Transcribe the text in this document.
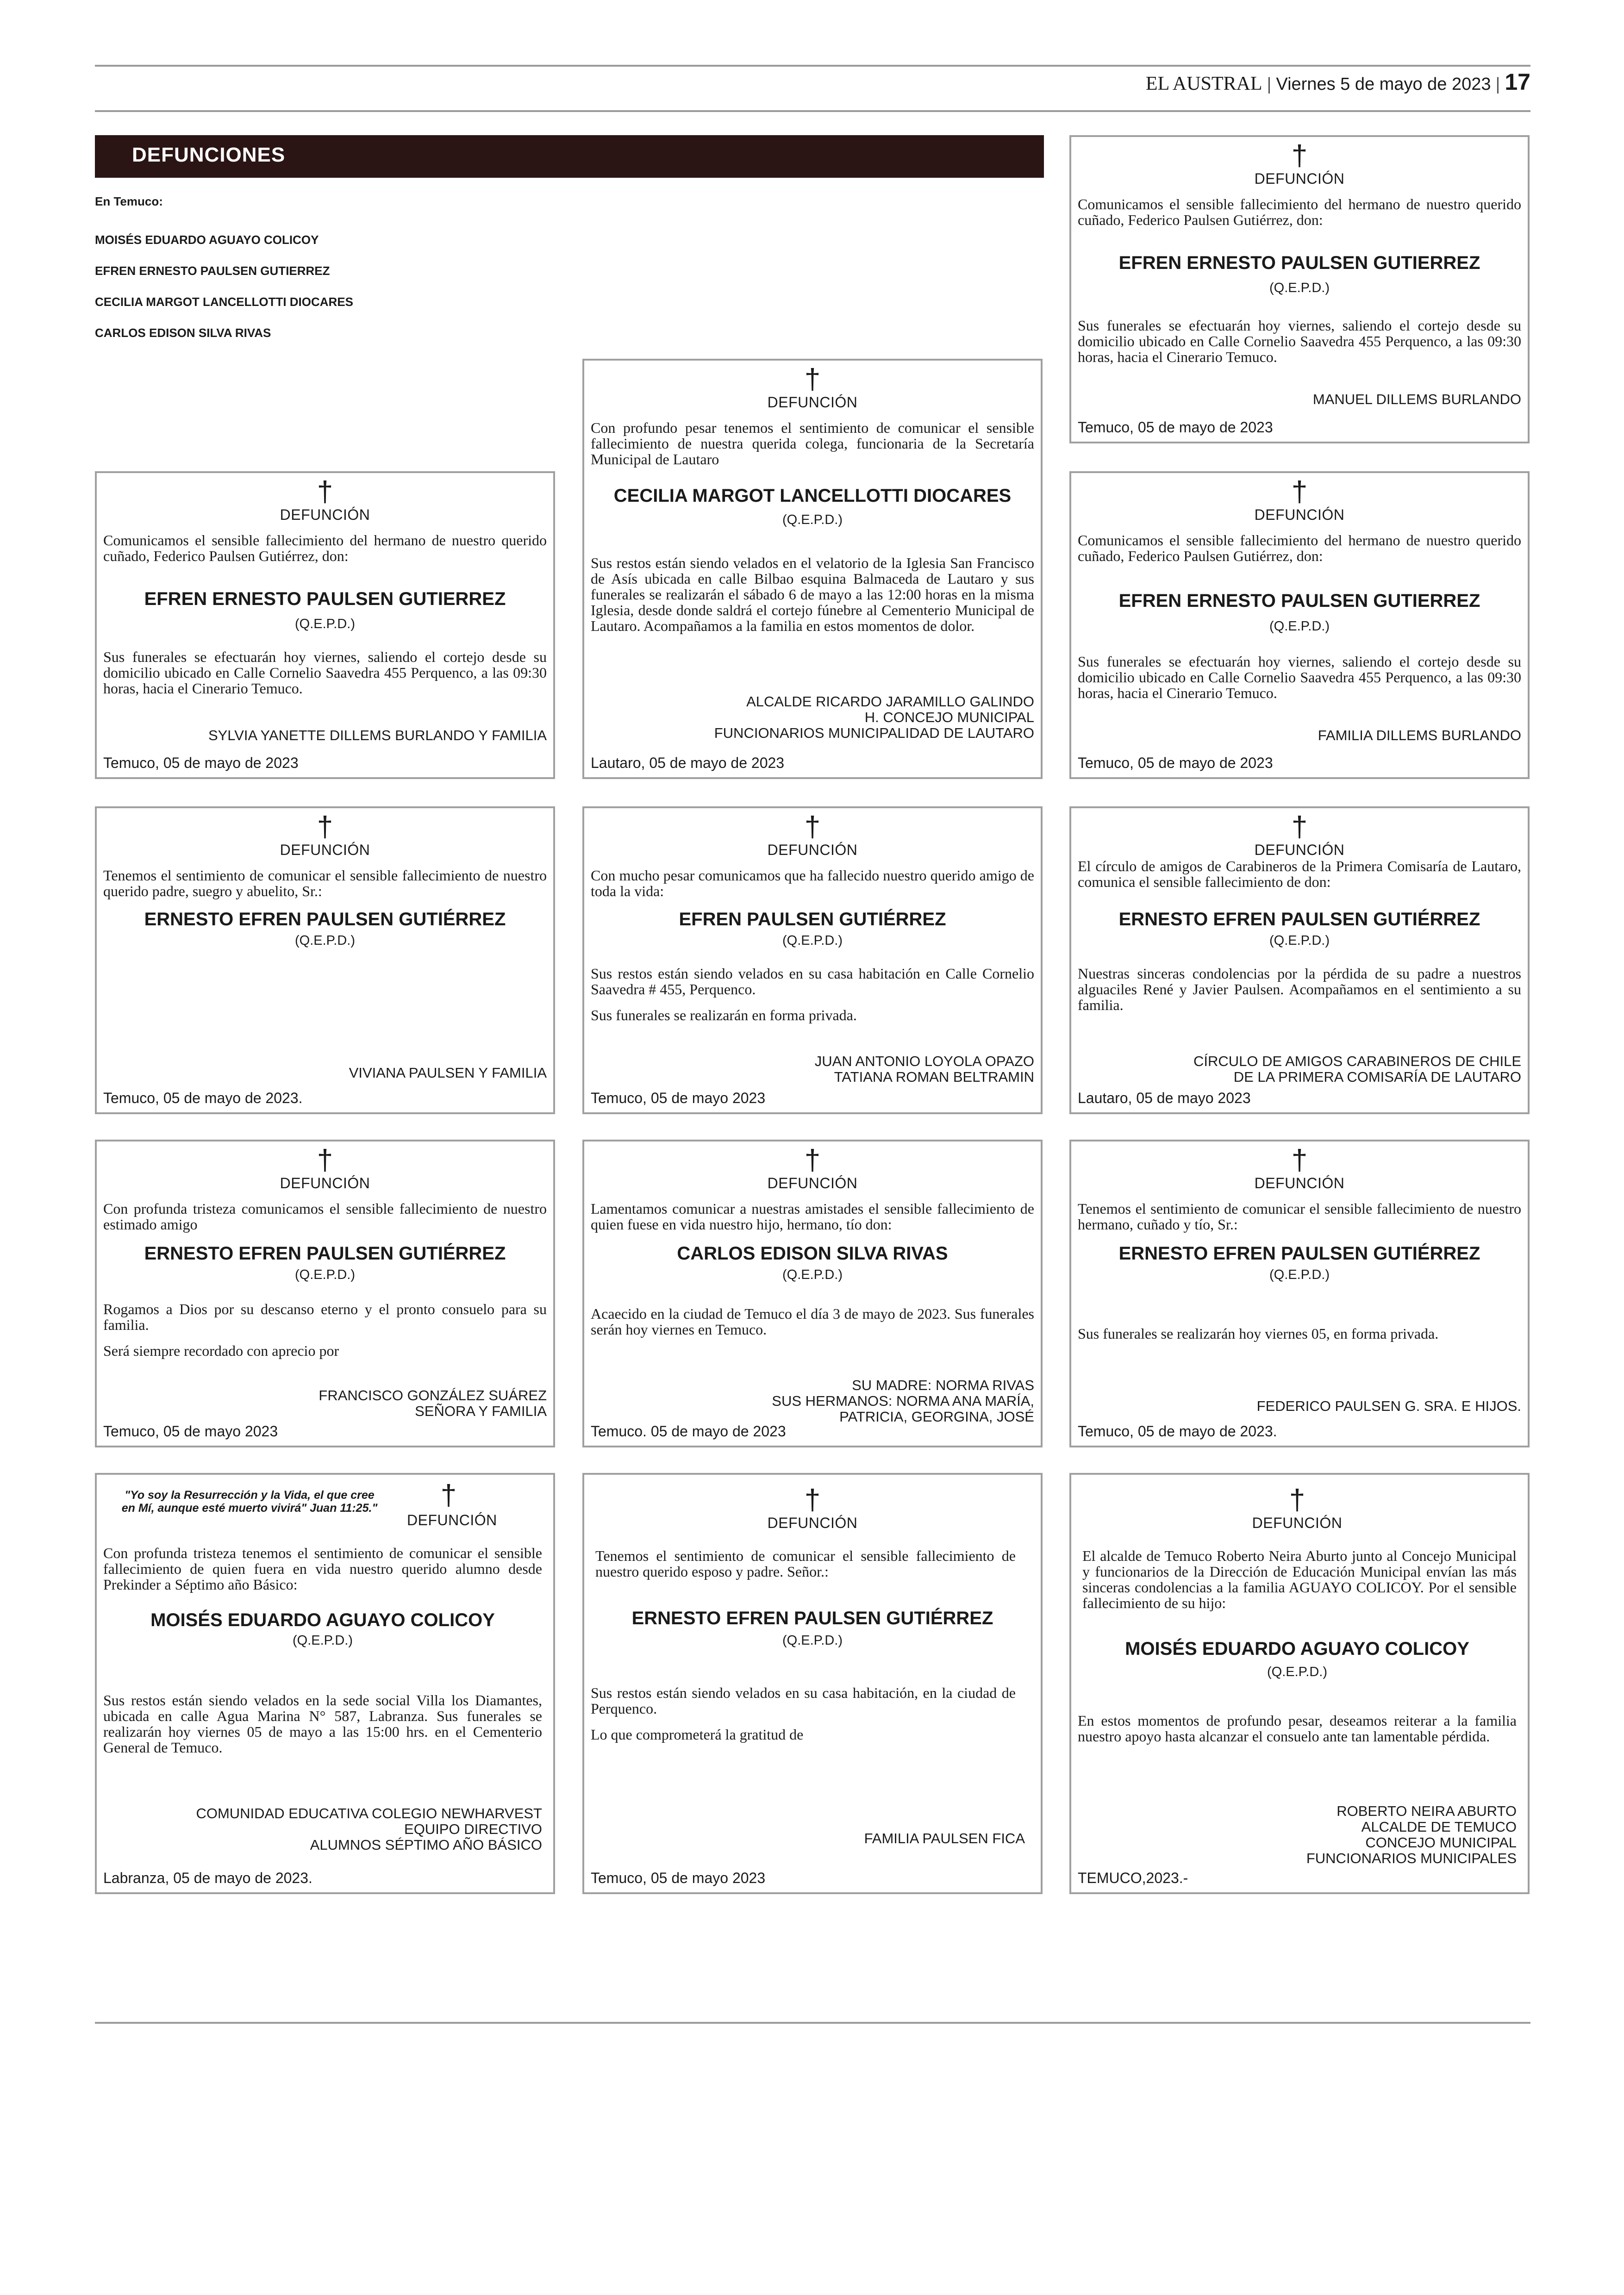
EL AUSTRAL | Viernes 5 de mayo de 2023 | 17
DEFUNCIONES
En Temuco:
MOISÉS EDUARDO AGUAYO COLICOY
EFREN ERNESTO PAULSEN GUTIERREZ
CECILIA MARGOT LANCELLOTTI DIOCARES
CARLOS EDISON SILVA RIVAS
†
DEFUNCIÓN
Comunicamos el sensible fallecimiento del hermano de nuestro querido cuñado, Federico Paulsen Gutiérrez, don:
EFREN ERNESTO PAULSEN GUTIERREZ
(Q.E.P.D.)

Sus funerales se efectuarán hoy viernes, saliendo el cortejo desde su domicilio ubicado en Calle Cornelio Saavedra 455 Perquenco, a las 09:30 horas, hacia el Cinerario Temuco.

MANUEL DILLEMS BURLANDO
Temuco, 05 de mayo de 2023
†
DEFUNCIÓN
Con profundo pesar tenemos el sentimiento de comunicar el sensible fallecimiento de nuestra querida colega, funcionaria de la Secretaría Municipal de Lautaro
CECILIA MARGOT LANCELLOTTI DIOCARES
(Q.E.P.D.)

Sus restos están siendo velados en el velatorio de la Iglesia San Francisco de Asís ubicada en calle Bilbao esquina Balmaceda de Lautaro y sus funerales se realizarán el sábado 6 de mayo a las 12:00 horas en la misma Iglesia, desde donde saldrá el cortejo fúnebre al Cementerio Municipal de Lautaro. Acompañamos a la familia en estos momentos de dolor.

ALCALDE RICARDO JARAMILLO GALINDO
H. CONCEJO MUNICIPAL
FUNCIONARIOS MUNICIPALIDAD DE LAUTARO
Lautaro, 05 de mayo de 2023
†
DEFUNCIÓN
Comunicamos el sensible fallecimiento del hermano de nuestro querido cuñado, Federico Paulsen Gutiérrez, don:
EFREN ERNESTO PAULSEN GUTIERREZ
(Q.E.P.D.)

Sus funerales se efectuarán hoy viernes, saliendo el cortejo desde su domicilio ubicado en Calle Cornelio Saavedra 455 Perquenco, a las 09:30 horas, hacia el Cinerario Temuco.

SYLVIA YANETTE DILLEMS BURLANDO Y FAMILIA
Temuco, 05 de mayo de 2023
†
DEFUNCIÓN
Comunicamos el sensible fallecimiento del hermano de nuestro querido cuñado, Federico Paulsen Gutiérrez, don:
EFREN ERNESTO PAULSEN GUTIERREZ
(Q.E.P.D.)

Sus funerales se efectuarán hoy viernes, saliendo el cortejo desde su domicilio ubicado en Calle Cornelio Saavedra 455 Perquenco, a las 09:30 horas, hacia el Cinerario Temuco.

FAMILIA DILLEMS BURLANDO
Temuco, 05 de mayo de 2023
†
DEFUNCIÓN
Tenemos el sentimiento de comunicar el sensible fallecimiento de nuestro querido padre, suegro y abuelito, Sr.:
ERNESTO EFREN PAULSEN GUTIÉRREZ
(Q.E.P.D.)
VIVIANA PAULSEN Y FAMILIA
Temuco, 05 de mayo de 2023.
†
DEFUNCIÓN
Con mucho pesar comunicamos que ha fallecido nuestro querido amigo de toda la vida:
EFREN PAULSEN GUTIÉRREZ
(Q.E.P.D.)

Sus restos están siendo velados en su casa habitación en Calle Cornelio Saavedra # 455, Perquenco.

Sus funerales se realizarán en forma privada.

JUAN ANTONIO LOYOLA OPAZO
TATIANA ROMAN BELTRAMIN
Temuco, 05 de mayo 2023
†
DEFUNCIÓN
El círculo de amigos de Carabineros de la Primera Comisaría de Lautaro, comunica el sensible fallecimiento de don:
ERNESTO EFREN PAULSEN GUTIÉRREZ
(Q.E.P.D.)

Nuestras sinceras condolencias por la pérdida de su padre a nuestros alguaciles René y Javier Paulsen. Acompañamos en el sentimiento a su familia.

CÍRCULO DE AMIGOS CARABINEROS DE CHILE
DE LA PRIMERA COMISARÍA DE LAUTARO
Lautaro, 05 de mayo 2023
†
DEFUNCIÓN
Con profunda tristeza comunicamos el sensible fallecimiento de nuestro estimado amigo
ERNESTO EFREN PAULSEN GUTIÉRREZ
(Q.E.P.D.)

Rogamos a Dios por su descanso eterno y el pronto consuelo para su familia.

Será siempre recordado con aprecio por

FRANCISCO GONZÁLEZ SUÁREZ
SEÑORA Y FAMILIA
Temuco, 05 de mayo 2023
†
DEFUNCIÓN
Lamentamos comunicar a nuestras amistades el sensible fallecimiento de quien fuese en vida nuestro hijo, hermano, tío don:
CARLOS EDISON SILVA RIVAS
(Q.E.P.D.)

Acaecido en la ciudad de Temuco el día 3 de mayo de 2023. Sus funerales serán hoy viernes en Temuco.

SU MADRE: NORMA RIVAS
SUS HERMANOS: NORMA ANA MARÍA,
PATRICIA, GEORGINA, JOSÉ
Temuco. 05 de mayo de 2023
†
DEFUNCIÓN
Tenemos el sentimiento de comunicar el sensible fallecimiento de nuestro hermano, cuñado y tío, Sr.:
ERNESTO EFREN PAULSEN GUTIÉRREZ
(Q.E.P.D.)

Sus funerales se realizarán hoy viernes 05, en forma privada.

FEDERICO PAULSEN G. SRA. E HIJOS.
Temuco, 05 de mayo de 2023.
"Yo soy la Resurrección y la Vida, el que cree en Mí, aunque esté muerto vivirá" Juan 11:25."	†
DEFUNCIÓN
Con profunda tristeza tenemos el sentimiento de comunicar el sensible fallecimiento de quien fuera en vida nuestro querido alumno desde Prekinder a Séptimo año Básico:
MOISÉS EDUARDO AGUAYO COLICOY
(Q.E.P.D.)

Sus restos están siendo velados en la sede social Villa los Diamantes, ubicada en calle Agua Marina N° 587, Labranza. Sus funerales se realizarán hoy viernes 05 de mayo a las 15:00 hrs. en el Cementerio General de Temuco.

COMUNIDAD EDUCATIVA COLEGIO NEWHARVEST
EQUIPO DIRECTIVO
ALUMNOS SÉPTIMO AÑO BÁSICO
Labranza, 05 de mayo de 2023.
†
DEFUNCIÓN
Tenemos el sentimiento de comunicar el sensible fallecimiento de nuestro querido esposo y padre. Señor.:
ERNESTO EFREN PAULSEN GUTIÉRREZ
(Q.E.P.D.)

Sus restos están siendo velados en su casa habitación, en la ciudad de Perquenco.

Lo que comprometerá la gratitud de

FAMILIA PAULSEN FICA
Temuco, 05 de mayo 2023
†
DEFUNCIÓN
El alcalde de Temuco Roberto Neira Aburto junto al Concejo Municipal y funcionarios de la Dirección de Educación Municipal envían las más sinceras condolencias a la familia AGUAYO COLICOY. Por el sensible fallecimiento de su hijo:
MOISÉS EDUARDO AGUAYO COLICOY
(Q.E.P.D.)

En estos momentos de profundo pesar, deseamos reiterar a la familia nuestro apoyo hasta alcanzar el consuelo ante tan lamentable pérdida.

ROBERTO NEIRA ABURTO
ALCALDE DE TEMUCO
CONCEJO MUNICIPAL
FUNCIONARIOS MUNICIPALES
TEMUCO,2023.-
